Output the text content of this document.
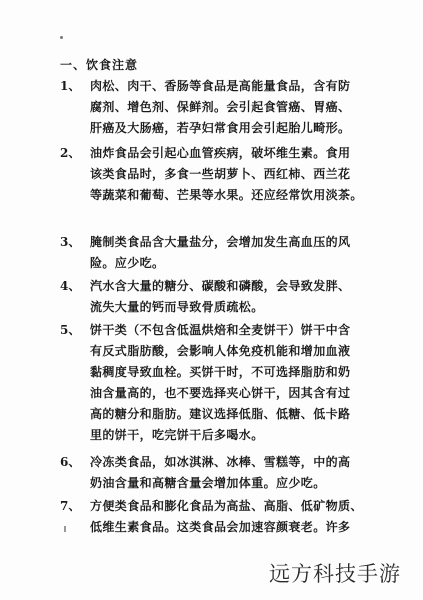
一、饮食注意
1、 肉松、肉干、香肠等食品是高能量食品，含有防
腐剂、增色剂、保鲜剂。会引起食管癌、胃癌、
肝癌及大肠癌，若孕妇常食用会引起胎儿畸形。
2、 油炸食品会引起心血管疾病，破坏维生素。食用
该类食品时，多食一些胡萝卜、西红柿、西兰花
等蔬菜和葡萄、芒果等水果。还应经常饮用淡茶。
3、 腌制类食品含大量盐分，会增加发生高血压的风
险。应少吃。
4、 汽水含大量的糖分、碳酸和磷酸，会导致发胖、
流失大量的钙而导致骨质疏松。
5、 饼干类（不包含低温烘焙和全麦饼干）饼干中含
有反式脂肪酸，会影响人体免疫机能和增加血液
黏稠度导致血栓。买饼干时，不可选择脂肪和奶
油含量高的，也不要选择夹心饼干，因其含有过
高的糖分和脂肪。建议选择低脂、低糖、低卡路
里的饼干，吃完饼干后多喝水。
6、 冷冻类食品，如冰淇淋、冰棒、雪糕等，中的高
奶油含量和高糖含量会增加体重。应少吃。
7、 方便类食品和膨化食品为高盐、高脂、低矿物质、
低维生素食品。这类食品会加速容颜衰老。许多
远方科技手游
